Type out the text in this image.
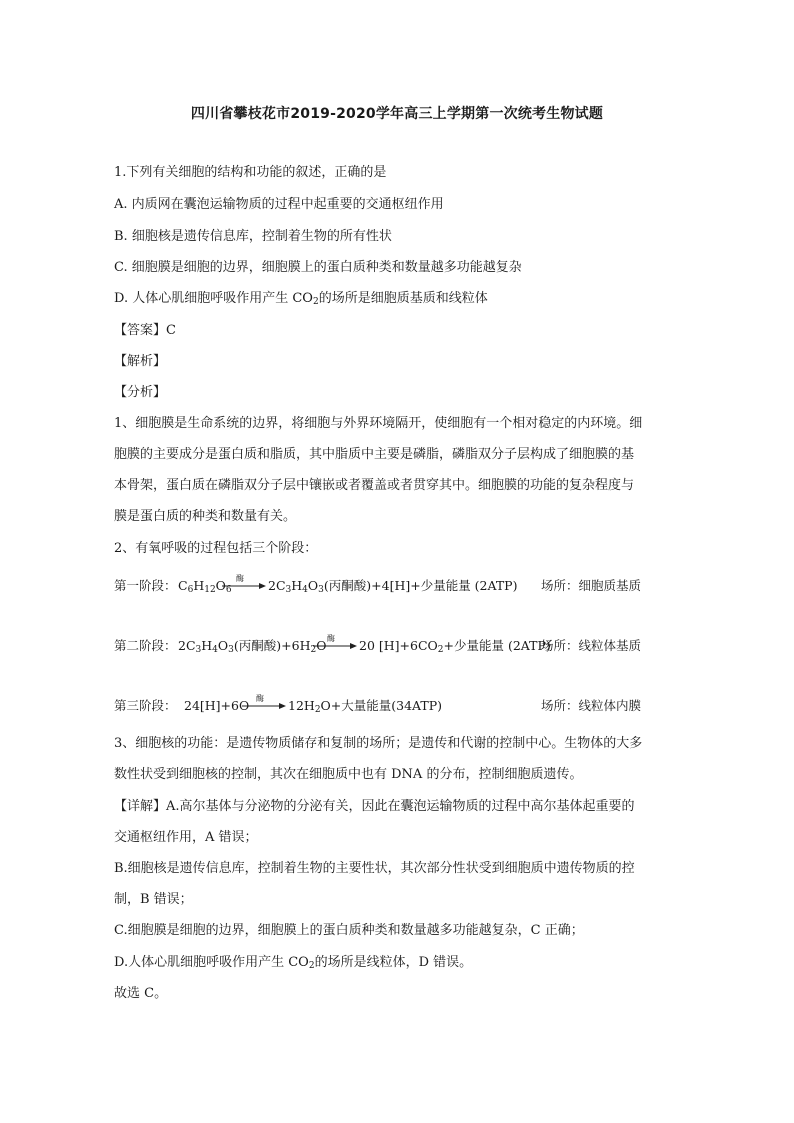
四川省攀枝花市2019-2020学年高三上学期第一次统考生物试题
1.下列有关细胞的结构和功能的叙述，正确的是
A. 内质网在囊泡运输物质的过程中起重要的交通枢纽作用
B. 细胞核是遗传信息库，控制着生物的所有性状
C. 细胞膜是细胞的边界，细胞膜上的蛋白质种类和数量越多功能越复杂
D. 人体心肌细胞呼吸作用产生 $CO_2$的场所是细胞质基质和线粒体
【答案】C
【解析】
【分析】
1、细胞膜是生命系统的边界，将细胞与外界环境隔开，使细胞有一个相对稳定的内环境。细
胞膜的主要成分是蛋白质和脂质，其中脂质中主要是磷脂，磷脂双分子层构成了细胞膜的基
本骨架，蛋白质在磷脂双分子层中镶嵌或者覆盖或者贯穿其中。细胞膜的功能的复杂程度与
膜是蛋白质的种类和数量有关。
2、有氧呼吸的过程包括三个阶段：
第一阶段： $C_6H_{12}O_6$
酶 $2C_3H_4O_3$(丙酮酸)+4[H]+少量能量 (2ATP) 场所：细胞质基质
第二阶段： $2C_3H_4O_3$(丙酮酸)$+6H_2O$ 酶 20 $[H]+6CO_2+$少量能量 (2ATP)
场所：线粒体基质
第三阶段： 24[H]+6O 酶 $12H_2O+$大量能量(34ATP)	场所：线粒体内膜
3、细胞核的功能：是遗传物质储存和复制的场所；是遗传和代谢的控制中心。生物体的大多
数性状受到细胞核的控制，其次在细胞质中也有 DNA 的分布，控制细胞质遗传。
【详解】A.高尔基体与分泌物的分泌有关，因此在囊泡运输物质的过程中高尔基体起重要的
交通枢纽作用，A 错误；
B.细胞核是遗传信息库，控制着生物的主要性状，其次部分性状受到细胞质中遗传物质的控
制，B 错误；
C.细胞膜是细胞的边界，细胞膜上的蛋白质种类和数量越多功能越复杂，C 正确；
D.人体心肌细胞呼吸作用产生 $CO_2$的场所是线粒体，D 错误。
故选 C。
